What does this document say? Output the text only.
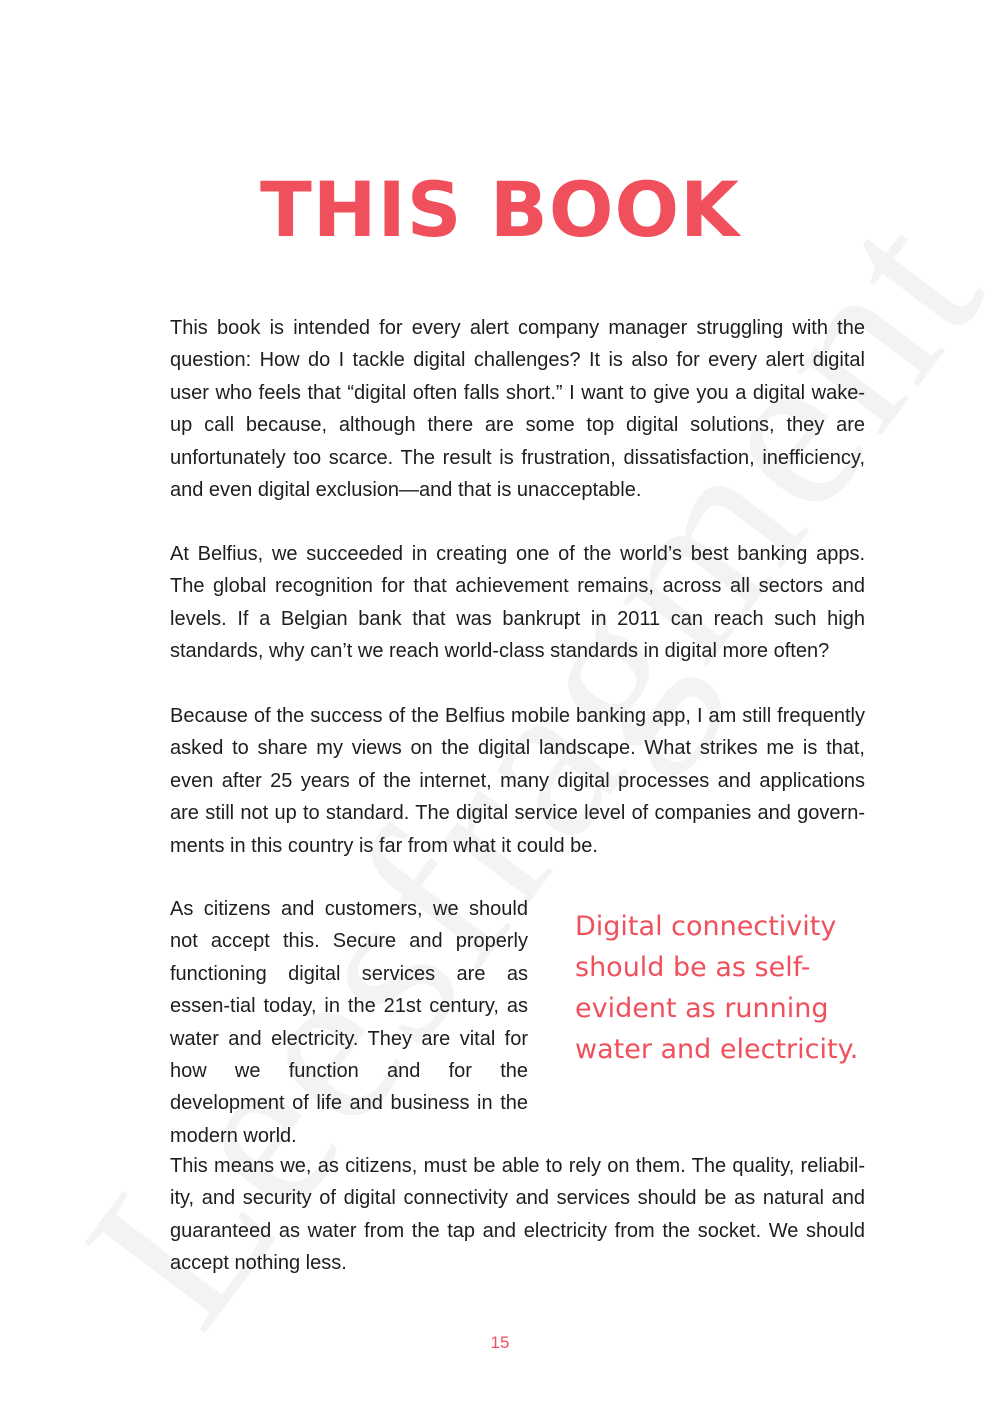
THIS BOOK

This book is intended for every alert company manager struggling with the question: How do I tackle digital challenges? It is also for every alert digital user who feels that “digital often falls short.” I want to give you a digital wake-up call because, although there are some top digital solutions, they are unfortunately too scarce. The result is frustration, dissatisfaction, inefficiency, and even digital exclusion—and that is unacceptable.

At Belfius, we succeeded in creating one of the world’s best banking apps. The global recognition for that achievement remains, across all sectors and levels. If a Belgian bank that was bankrupt in 2011 can reach such high standards, why can’t we reach world-class standards in digital more often?

Because of the success of the Belfius mobile banking app, I am still frequently asked to share my views on the digital landscape. What strikes me is that, even after 25 years of the internet, many digital processes and applications are still not up to standard. The digital service level of companies and govern-ments in this country is far from what it could be.

As citizens and customers, we should not accept this. Secure and properly functioning digital services are as essen-tial today, in the 21st century, as water and electricity. They are vital for how we function and for the development of life and business in the modern world.

Digital connectivity should be as self-evident as running water and electricity.

This means we, as citizens, must be able to rely on them. The quality, reliabil-ity, and security of digital connectivity and services should be as natural and guaranteed as water from the tap and electricity from the socket. We should accept nothing less.

15
